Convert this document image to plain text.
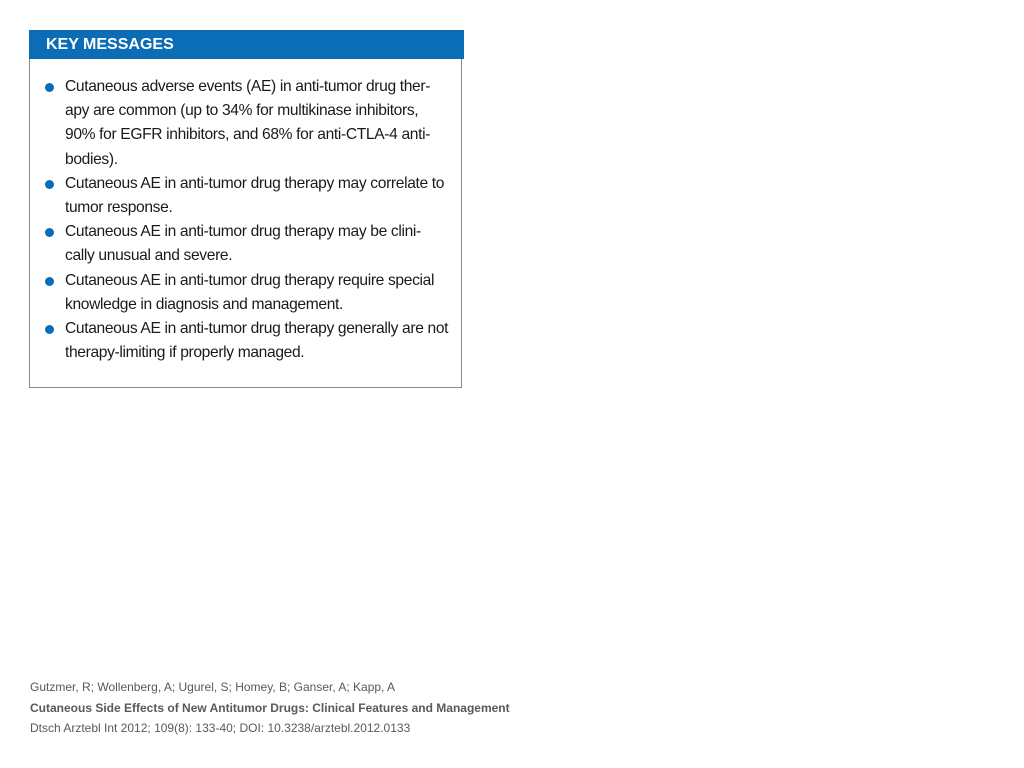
KEY MESSAGES
Cutaneous adverse events (AE) in anti-tumor drug ther-apy are common (up to 34% for multikinase inhibitors, 90% for EGFR inhibitors, and 68% for anti-CTLA-4 anti-bodies).
Cutaneous AE in anti-tumor drug therapy may correlate to tumor response.
Cutaneous AE in anti-tumor drug therapy may be clini-cally unusual and severe.
Cutaneous AE in anti-tumor drug therapy require special knowledge in diagnosis and management.
Cutaneous AE in anti-tumor drug therapy generally are not therapy-limiting if properly managed.
Gutzmer, R; Wollenberg, A; Ugurel, S; Homey, B; Ganser, A; Kapp, A
Cutaneous Side Effects of New Antitumor Drugs: Clinical Features and Management
Dtsch Arztebl Int 2012; 109(8): 133-40; DOI: 10.3238/arztebl.2012.0133
